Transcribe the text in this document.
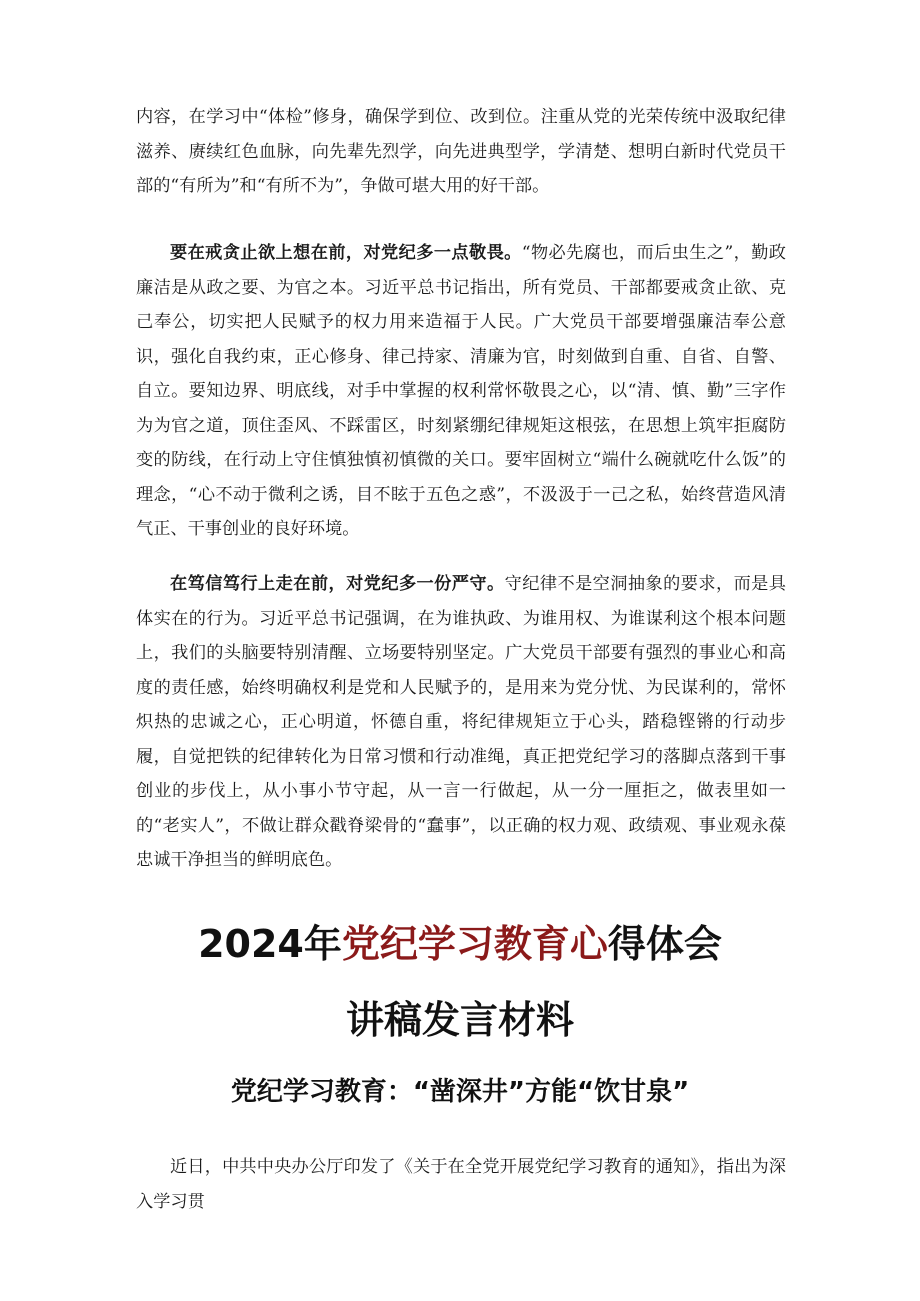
内容，在学习中“体检”修身，确保学到位、改到位。注重从党的光荣传统中汲取纪律滋养、赓续红色血脉，向先辈先烈学，向先进典型学，学清楚、想明白新时代党员干部的“有所为”和“有所不为”，争做可堪大用的好干部。

要在戒贪止欲上想在前，对党纪多一点敬畏。“物必先腐也，而后虫生之”，勤政廉洁是从政之要、为官之本。习近平总书记指出，所有党员、干部都要戒贪止欲、克己奉公，切实把人民赋予的权力用来造福于人民。广大党员干部要增强廉洁奉公意识，强化自我约束，正心修身、律己持家、清廉为官，时刻做到自重、自省、自警、自立。要知边界、明底线，对手中掌握的权利常怀敬畏之心，以“清、慎、勤”三字作为为官之道，顶住歪风、不踩雷区，时刻紧绷纪律规矩这根弦，在思想上筑牢拒腐防变的防线，在行动上守住慎独慎初慎微的关口。要牢固树立“端什么碗就吃什么饭”的理念，“心不动于微利之诱，目不眩于五色之惑”，不汲汲于一己之私，始终营造风清气正、干事创业的良好环境。

在笃信笃行上走在前，对党纪多一份严守。守纪律不是空洞抽象的要求，而是具体实在的行为。习近平总书记强调，在为谁执政、为谁用权、为谁谋利这个根本问题上，我们的头脑要特别清醒、立场要特别坚定。广大党员干部要有强烈的事业心和高度的责任感，始终明确权利是党和人民赋予的，是用来为党分忧、为民谋利的，常怀炽热的忠诚之心，正心明道，怀德自重，将纪律规矩立于心头，踏稳铿锵的行动步履，自觉把铁的纪律转化为日常习惯和行动准绳，真正把党纪学习的落脚点落到干事创业的步伐上，从小事小节守起，从一言一行做起，从一分一厘拒之，做表里如一的“老实人”，不做让群众戳脊梁骨的“蠢事”，以正确的权力观、政绩观、事业观永葆忠诚干净担当的鲜明底色。

2024年党纪学习教育心得体会
讲稿发言材料
党纪学习教育：“凿深井”方能“饮甘泉”

近日，中共中央办公厅印发了《关于在全党开展党纪学习教育的通知》，指出为深入学习贯
